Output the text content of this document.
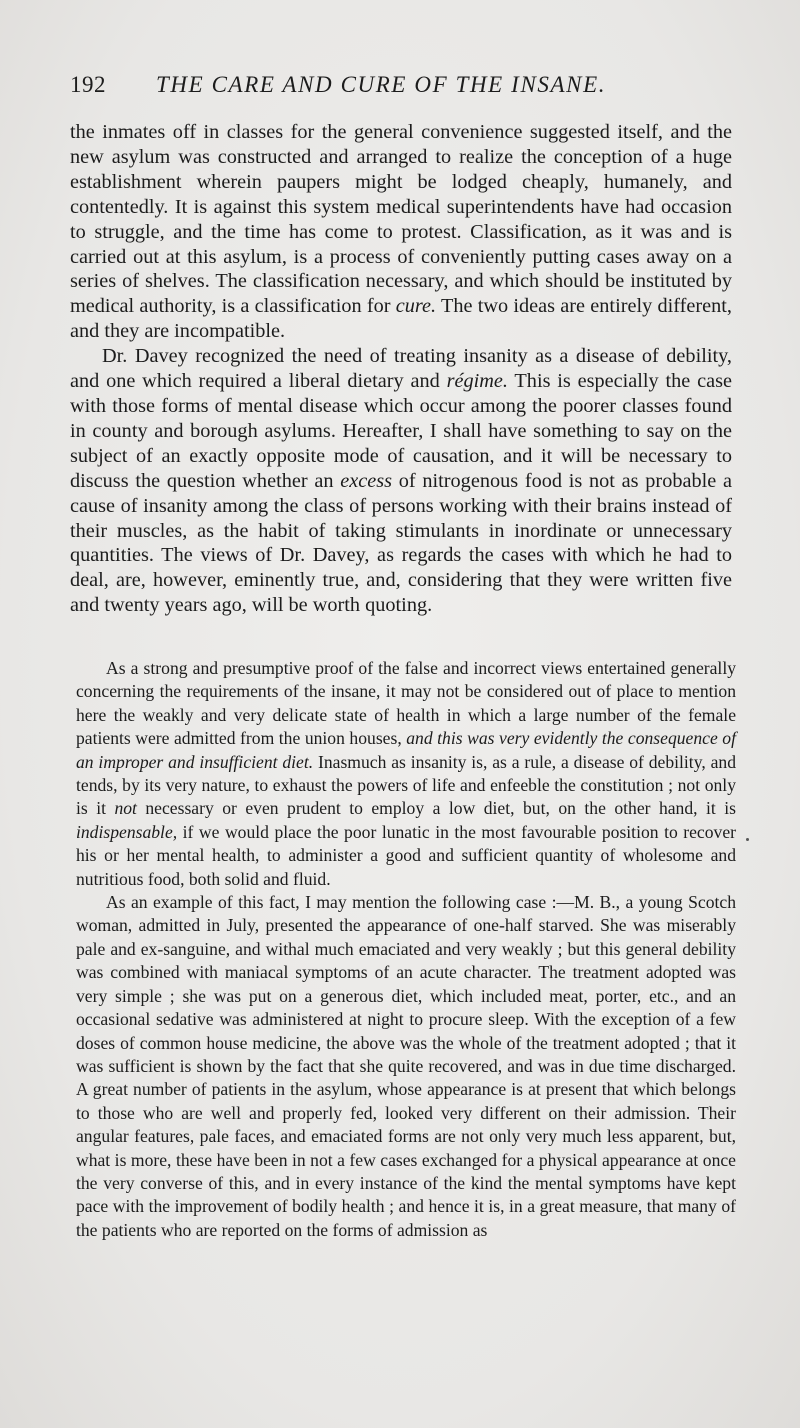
192 THE CARE AND CURE OF THE INSANE.

the inmates off in classes for the general convenience suggested itself, and the new asylum was constructed and arranged to realize the conception of a huge establishment wherein paupers might be lodged cheaply, humanely, and contentedly. It is against this system medical superintendents have had occasion to struggle, and the time has come to protest. Classification, as it was and is carried out at this asylum, is a process of conveniently putting cases away on a series of shelves. The classification necessary, and which should be instituted by medical authority, is a classification for cure. The two ideas are entirely different, and they are incompatible.

Dr. Davey recognized the need of treating insanity as a disease of debility, and one which required a liberal dietary and régime. This is especially the case with those forms of mental disease which occur among the poorer classes found in county and borough asylums. Hereafter, I shall have something to say on the subject of an exactly opposite mode of causation, and it will be necessary to discuss the question whether an excess of nitrogenous food is not as probable a cause of insanity among the class of persons working with their brains instead of their muscles, as the habit of taking stimulants in inordinate or unnecessary quantities. The views of Dr. Davey, as regards the cases with which he had to deal, are, however, eminently true, and, considering that they were written five and twenty years ago, will be worth quoting.

As a strong and presumptive proof of the false and incorrect views entertained generally concerning the requirements of the insane, it may not be considered out of place to mention here the weakly and very delicate state of health in which a large number of the female patients were admitted from the union houses, and this was very evidently the consequence of an improper and insufficient diet. Inasmuch as insanity is, as a rule, a disease of debility, and tends, by its very nature, to exhaust the powers of life and enfeeble the constitution ; not only is it not necessary or even prudent to employ a low diet, but, on the other hand, it is indispensable, if we would place the poor lunatic in the most favourable position to recover his or her mental health, to administer a good and sufficient quantity of wholesome and nutritious food, both solid and fluid.

As an example of this fact, I may mention the following case :—M. B., a young Scotch woman, admitted in July, presented the appearance of one-half starved. She was miserably pale and ex-sanguine, and withal much emaciated and very weakly ; but this general debility was combined with maniacal symptoms of an acute character. The treatment adopted was very simple ; she was put on a generous diet, which included meat, porter, etc., and an occasional sedative was administered at night to procure sleep. With the exception of a few doses of common house medicine, the above was the whole of the treatment adopted ; that it was sufficient is shown by the fact that she quite recovered, and was in due time discharged. A great number of patients in the asylum, whose appearance is at present that which belongs to those who are well and properly fed, looked very different on their admission. Their angular features, pale faces, and emaciated forms are not only very much less apparent, but, what is more, these have been in not a few cases exchanged for a physical appearance at once the very converse of this, and in every instance of the kind the mental symptoms have kept pace with the improvement of bodily health ; and hence it is, in a great measure, that many of the patients who are reported on the forms of admission as
